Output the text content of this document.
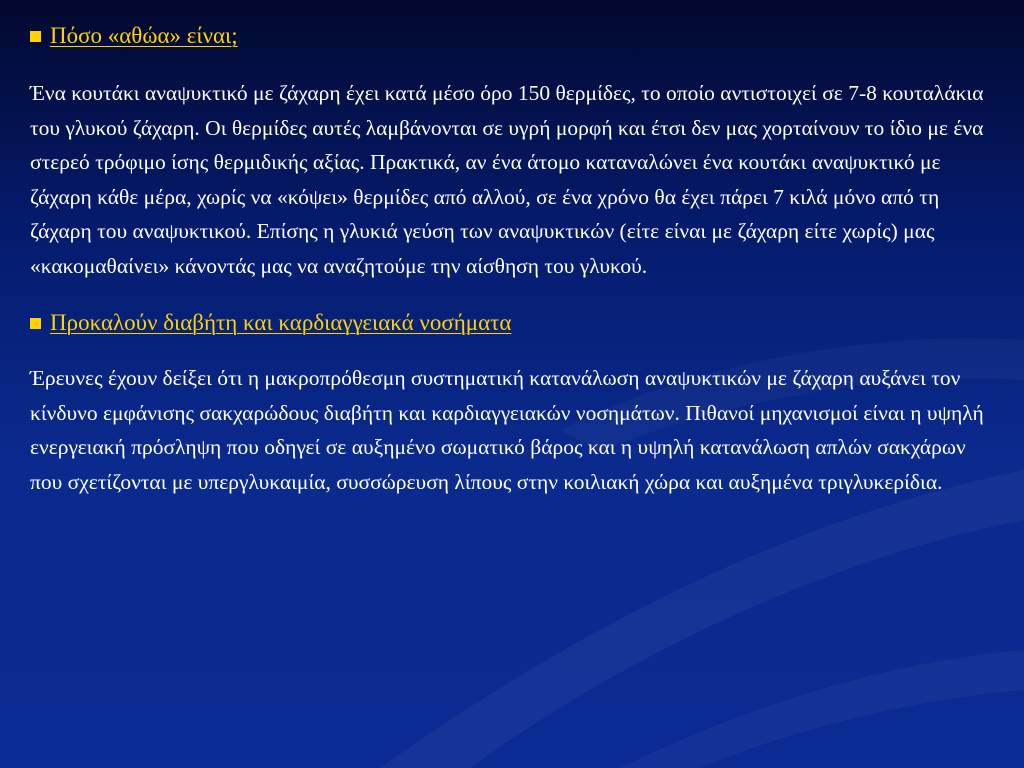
Πόσο «αθώα» είναι;

Ένα κουτάκι αναψυκτικό με ζάχαρη έχει κατά μέσο όρο 150 θερμίδες, το οποίο αντιστοιχεί σε 7-8 κουταλάκια του γλυκού ζάχαρη. Οι θερμίδες αυτές λαμβάνονται σε υγρή μορφή και έτσι δεν μας χορταίνουν το ίδιο με ένα στερεό τρόφιμο ίσης θερμιδικής αξίας. Πρακτικά, αν ένα άτομο καταναλώνει ένα κουτάκι αναψυκτικό με ζάχαρη κάθε μέρα, χωρίς να «κόψει» θερμίδες από αλλού, σε ένα χρόνο θα έχει πάρει 7 κιλά μόνο από τη ζάχαρη του αναψυκτικού. Επίσης η γλυκιά γεύση των αναψυκτικών (είτε είναι με ζάχαρη είτε χωρίς) μας «κακομαθαίνει» κάνοντάς μας να αναζητούμε την αίσθηση του γλυκού.

Προκαλούν διαβήτη και καρδιαγγειακά νοσήματα

Έρευνες έχουν δείξει ότι η μακροπρόθεσμη συστηματική κατανάλωση αναψυκτικών με ζάχαρη αυξάνει τον κίνδυνο εμφάνισης σακχαρώδους διαβήτη και καρδιαγγειακών νοσημάτων. Πιθανοί μηχανισμοί είναι η υψηλή ενεργειακή πρόσληψη που οδηγεί σε αυξημένο σωματικό βάρος και η υψηλή κατανάλωση απλών σακχάρων που σχετίζονται με υπεργλυκαιμία, συσσώρευση λίπους στην κοιλιακή χώρα και αυξημένα τριγλυκερίδια.
